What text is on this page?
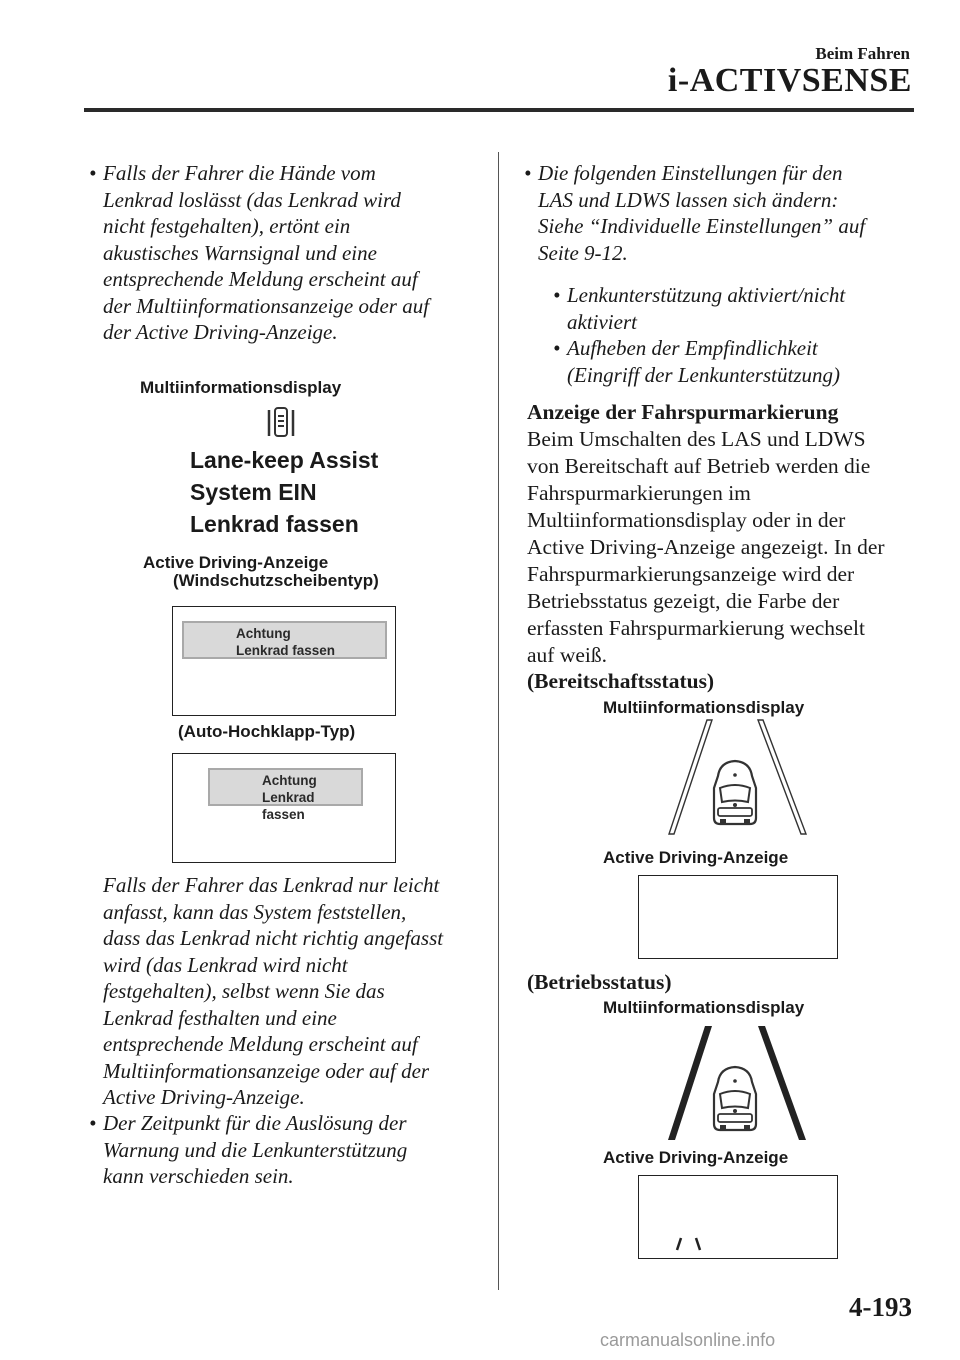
Beim Fahren
i-ACTIVSENSE
• Falls der Fahrer die Hände vom
Lenkrad loslässt (das Lenkrad wird
nicht festgehalten), ertönt ein
akustisches Warnsignal und eine
entsprechende Meldung erscheint auf
der Multiinformationsanzeige oder auf
der Active Driving-Anzeige.
Multiinformationsdisplay
Lane-keep Assist
System EIN
Lenkrad fassen
Active Driving-Anzeige
(Windschutzscheibentyp)
Achtung
Lenkrad fassen
(Auto-Hochklapp-Typ)
Achtung
Lenkrad fassen
Falls der Fahrer das Lenkrad nur leicht
anfasst, kann das System feststellen,
dass das Lenkrad nicht richtig angefasst
wird (das Lenkrad wird nicht
festgehalten), selbst wenn Sie das
Lenkrad festhalten und eine
entsprechende Meldung erscheint auf
Multiinformationsanzeige oder auf der
Active Driving-Anzeige.
• Der Zeitpunkt für die Auslösung der
Warnung und die Lenkunterstützung
kann verschieden sein.
• Die folgenden Einstellungen für den
LAS und LDWS lassen sich ändern:
Siehe “Individuelle Einstellungen” auf
Seite 9-12.
• Lenkunterstützung aktiviert/nicht
aktiviert
• Aufheben der Empfindlichkeit
(Eingriff der Lenkunterstützung)
Anzeige der Fahrspurmarkierung
Beim Umschalten des LAS und LDWS
von Bereitschaft auf Betrieb werden die
Fahrspurmarkierungen im
Multiinformationsdisplay oder in der
Active Driving-Anzeige angezeigt. In der
Fahrspurmarkierungsanzeige wird der
Betriebsstatus gezeigt, die Farbe der
erfassten Fahrspurmarkierung wechselt
auf weiß.
(Bereitschaftsstatus)
Multiinformationsdisplay
Active Driving-Anzeige
(Betriebsstatus)
Multiinformationsdisplay
Active Driving-Anzeige
4-193
carmanualsonline.info
